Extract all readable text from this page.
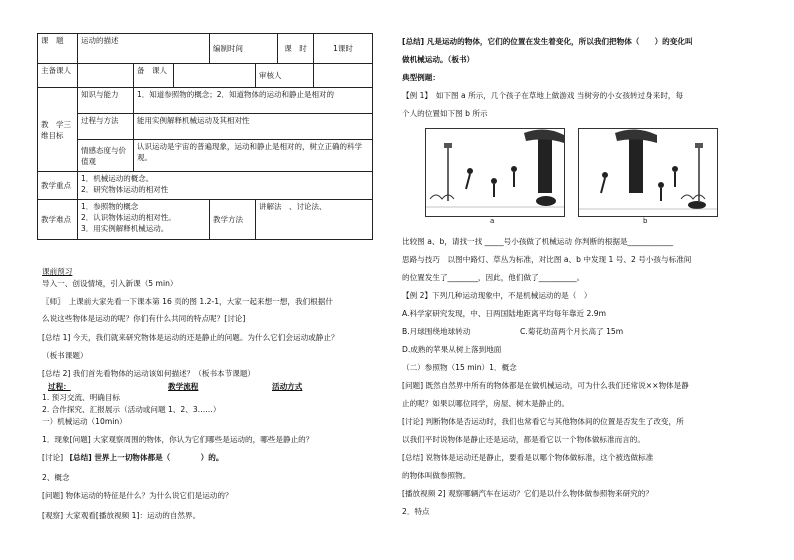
课　题	运动的描述			编制时间		课　时	1课时
主备课人		备　课人			审核人		
教　学三维目标	知识与能力	1．知道参照物的概念；2．知道物体的运动和静止是相对的					
	过程与方法	能用实例解释机械运动及其相对性					
	情感态度与价值观	认识运动是宇宙的普遍现象，运动和静止是相对的，树立正确的科学观。					
教学重点	1．机械运动的概念。
2．研究物体运动的相对性						

教学难点	1．参照物的概念
2．认识物体运动的相对性。
3．用实例解释机械运动。			教学方法	讲解法　、讨论法、		
课前预习
导入一、创设情境，引入新课（5 min）
〖师〗　上课前大家先看一下课本第 16 页的图 1.2-1，大家一起来想一想，我们根据什
么说这些物体是运动的呢？你们有什么共同的特点呢？[讨论]
[总结 1] 今天，我们就来研究物体是运动的还是静止的问题。为什么它们会运动或静止？
（板书课题）
[总结 2] 我们首先看物体的运动该如何描述？（板书本节课题）
过程：	教学流程	活动方式
1. 预习交流、明确目标
2. 合作探究、汇报展示（活动或问题 1、2、3……）
一）机械运动（10min）
1．现象[问题] 大家观察周围的物体，你认为它们哪些是运动的，哪些是静止的？
[讨论] [总结] 世界上一切物体都是（　　　　）的。
2、概念
[问题] 物体运动的特征是什么？为什么说它们是运动的？
[观察] 大家观看[播放视频 1]：运动的自然界。
[总结] 凡是运动的物体，它们的位置在发生着变化，所以我们把物体（　　）的变化叫
做机械运动。（板书）
典型例题：
【例 1】　如下图 a 所示，几个孩子在草地上做游戏 当树旁的小女孩转过身来时，每
个人的位置如下图 b 所示
a	b
比较图 a、b，请找一找 _____号小孩做了机械运动 你判断的根据是____________
思路与技巧　以图中路灯、草丛为标准，对比图 a、b 中发现 1 号、2 号小孩与标准间
的位置发生了________，因此，他们做了__________。
【例 2】下列几种运动现象中，不是机械运动的是（　）
A.科学家研究发现，中、日两国陆地距离平均每年靠近 2.9m
B.月球围绕地球转动	C.菊花幼苗两个月长高了 15m
D.成熟的苹果从树上落到地面
（二）参照物（15 min）1．概念
[问题] 既然自然界中所有的物体都是在做机械运动，可为什么我们还常说××物体是静
止的呢？如果以哪位同学，房屋、树木是静止的。
[讨论] 判断物体是否运动时，我们也常看它与其他物体间的位置是否发生了改变，所
以我们平时说物体是静止还是运动，都是看它以一个物体做标准而言的。
[总结] 说物体是运动还是静止，要看是以哪个物体做标准，这个被选做标准
的物体叫做参照物。
[播放视频 2] 观察哪辆汽车在运动？它们是以什么物体做参照物来研究的？
2．特点
